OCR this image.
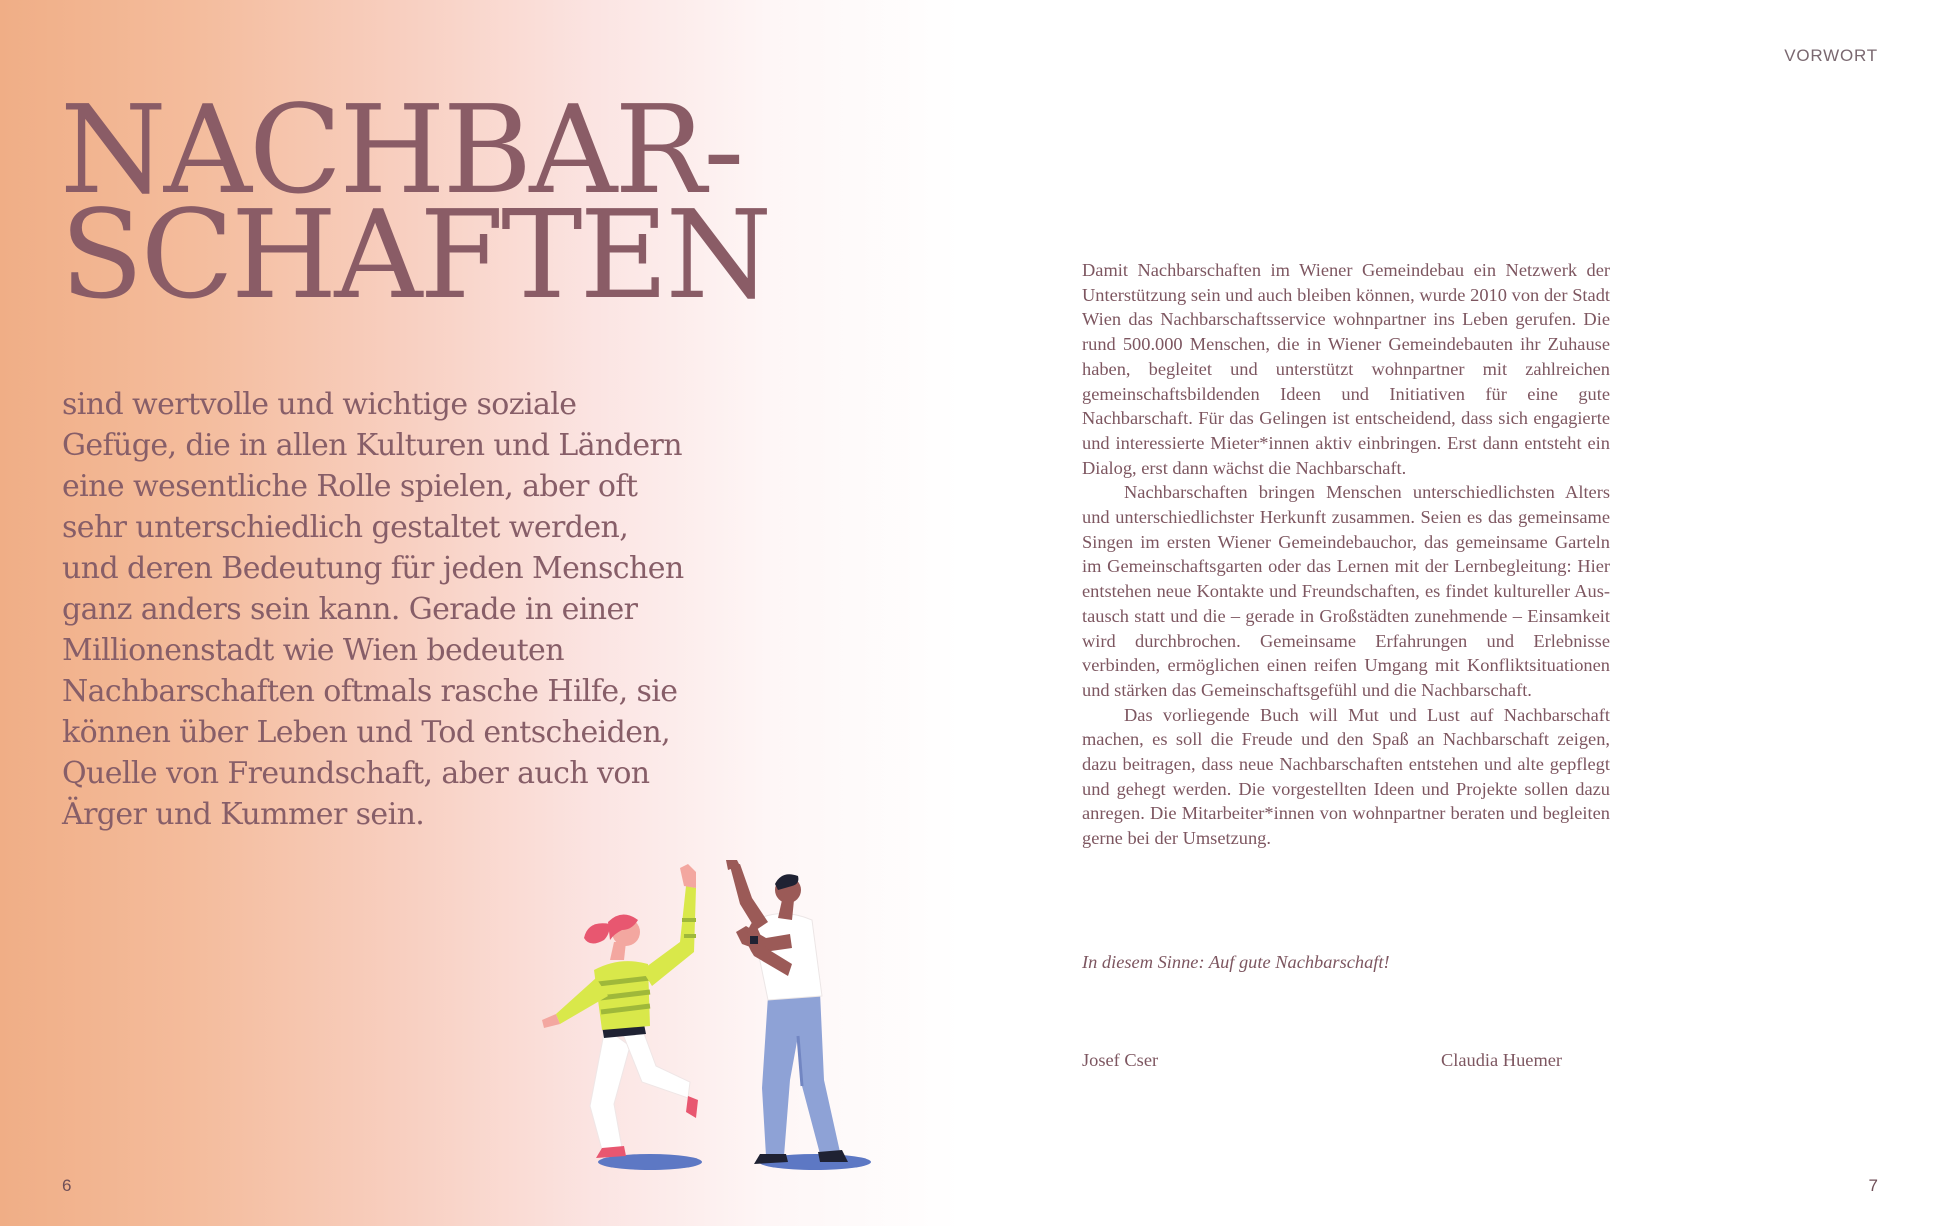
NACHBAR-
SCHAFTEN

sind wertvolle und wichtige soziale
Gefüge, die in allen Kulturen und Ländern
eine wesentliche Rolle spielen, aber oft
sehr unterschiedlich gestaltet werden,
und deren Bedeutung für jeden Menschen
ganz anders sein kann. Gerade in einer
Millionenstadt wie Wien bedeuten
Nachbarschaften oftmals rasche Hilfe, sie
können über Leben und Tod entscheiden,
Quelle von Freundschaft, aber auch von
Ärger und Kummer sein.

6
VORWORT

Damit Nachbarschaften im Wiener Gemeindebau ein Netzwerk der Unterstützung sein und auch bleiben können, wurde 2010 von der Stadt Wien das Nachbarschaftsservice wohnpartner ins Leben gerufen. Die rund 500.000 Menschen, die in Wiener Gemeindebauten ihr Zuhause haben, begleitet und unterstützt wohnpartner mit zahlreichen gemeinschaftsbildenden Ideen und Initiativen für eine gute Nachbarschaft. Für das Gelingen ist entscheidend, dass sich engagierte und interessierte Mieter*innen aktiv einbringen. Erst dann entsteht ein Dialog, erst dann wächst die Nachbarschaft.

Nachbarschaften bringen Menschen unterschiedlichsten Alters und unterschiedlichster Herkunft zusammen. Seien es das gemeinsame Singen im ersten Wiener Gemeindebauchor, das gemeinsame Garteln im Gemeinschaftsgarten oder das Lernen mit der Lernbegleitung: Hier entstehen neue Kontakte und Freundschaften, es findet kultureller Austausch statt und die – gerade in Großstädten zunehmende – Einsamkeit wird durchbrochen. Gemeinsame Erfahrungen und Erlebnisse verbinden, ermöglichen einen reifen Umgang mit Konfliktsituationen und stärken das Gemeinschaftsgefühl und die Nachbarschaft.

Das vorliegende Buch will Mut und Lust auf Nachbarschaft machen, es soll die Freude und den Spaß an Nachbarschaft zeigen, dazu beitragen, dass neue Nachbarschaften entstehen und alte gepflegt und gehegt werden. Die vorgestellten Ideen und Projekte sollen dazu anregen. Die Mitarbeiter*innen von wohnpartner beraten und begleiten gerne bei der Umsetzung.

In diesem Sinne: Auf gute Nachbarschaft!
Josef Cser	Claudia Huemer
7
